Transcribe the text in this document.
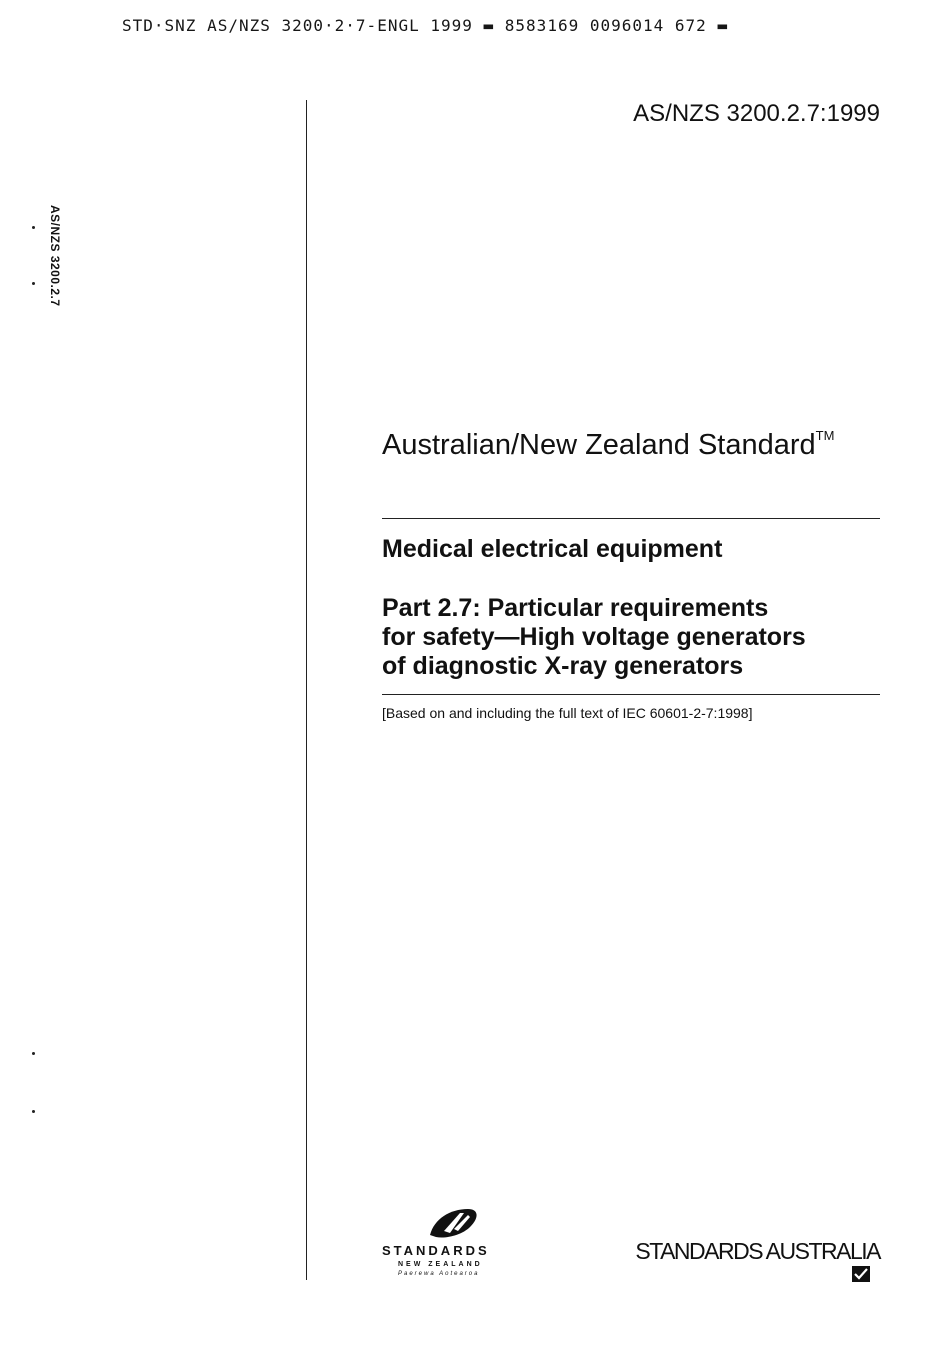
STD·SNZ AS/NZS 3200·2·7-ENGL 1999 ▬ 8583169 0096014 672 ▬
AS/NZS 3200.2.7:1999
AS/NZS 3200.2.7
Australian/New Zealand Standard™
Medical electrical equipment
Part 2.7: Particular requirements
for safety—High voltage generators
of diagnostic X-ray generators
[Based on and including the full text of IEC 60601-2-7:1998]
STANDARDS
NEW ZEALAND
Paerewa Aotearoa
STANDARDS AUSTRALIA
